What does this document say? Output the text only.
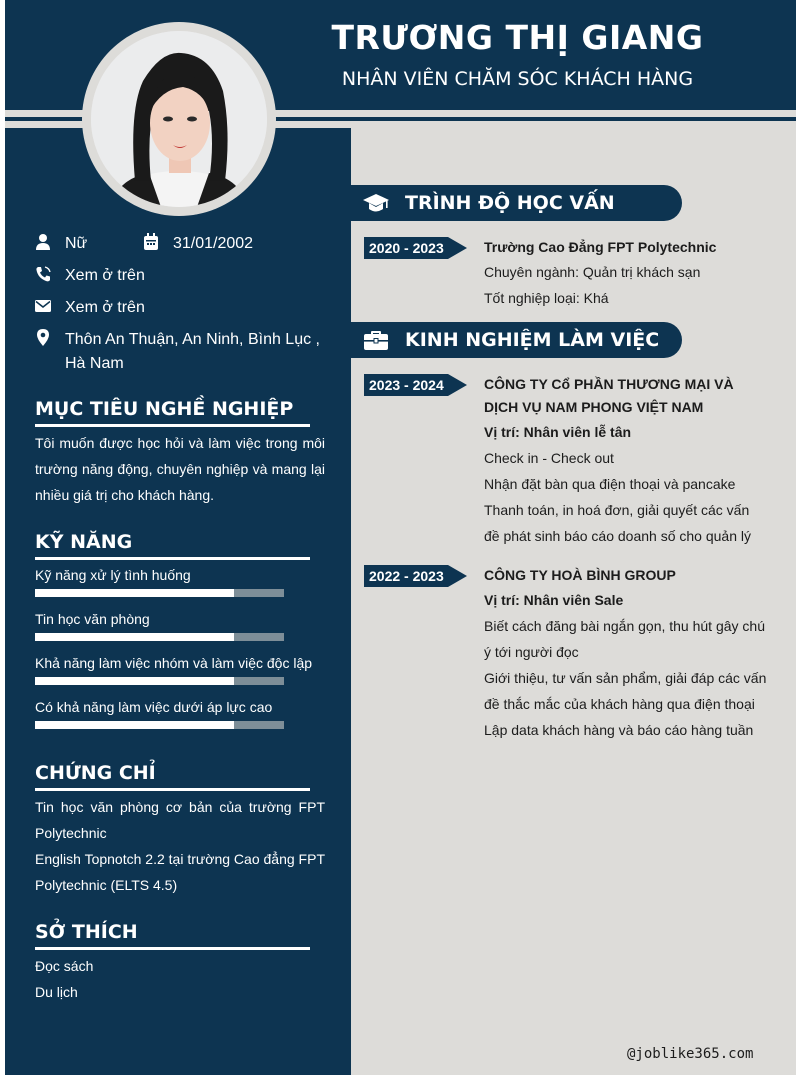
TRƯƠNG THỊ GIANG
NHÂN VIÊN CHĂM SÓC KHÁCH HÀNG
Nữ	31/01/2002
Xem ở trên
Xem ở trên
Thôn An Thuận, An Ninh, Bình Lục , Hà Nam
MỤC TIÊU NGHỀ NGHIỆP
Tôi muốn được học hỏi và làm việc trong môi trường năng động, chuyên nghiệp và mang lại nhiều giá trị cho khách hàng.
KỸ NĂNG
Kỹ năng xử lý tình huống
Tin học văn phòng
Khả năng làm việc nhóm và làm việc độc lập
Có khả năng làm việc dưới áp lực cao
CHỨNG CHỈ
Tin học văn phòng cơ bản của trường FPT Polytechnic
English Topnotch 2.2 tại trường Cao đẳng FPT Polytechnic (ELTS 4.5)
SỞ THÍCH
Đọc sách
Du lịch
TRÌNH ĐỘ HỌC VẤN
2020 - 2023	Trường Cao Đẳng FPT Polytechnic
Chuyên ngành: Quản trị khách sạn
Tốt nghiệp loại: Khá
KINH NGHIỆM LÀM VIỆC
2023 - 2024	CÔNG TY Cổ PHẦN THƯƠNG MẠI VÀ DỊCH VỤ NAM PHONG VIỆT NAM
Vị trí: Nhân viên lễ tân
Check in - Check out
Nhận đặt bàn qua điện thoại và pancake
Thanh toán, in hoá đơn, giải quyết các vấn đề phát sinh báo cáo doanh số cho quản lý
2022 - 2023	CÔNG TY HOÀ BÌNH GROUP
Vị trí: Nhân viên Sale
Biết cách đăng bài ngắn gọn, thu hút gây chú ý tới người đọc
Giới thiệu, tư vấn sản phẩm, giải đáp các vấn đề thắc mắc của khách hàng qua điện thoại
Lập data khách hàng và báo cáo hàng tuần
@joblike365.com
